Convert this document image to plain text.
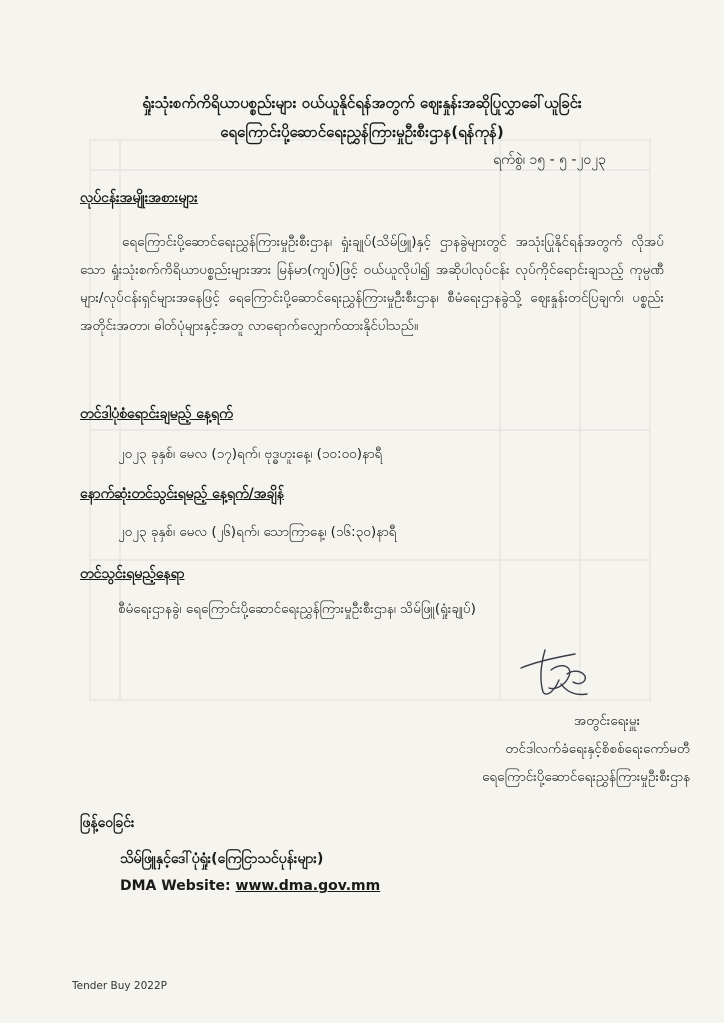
ရှုံးသုံးစက်ကိရိယာပစ္စည်းများ ဝယ်ယူနိုင်ရန်အတွက် ဈေးနှုန်းအဆိုပြုလွှာခေါ်ယူခြင်း
ရေကြောင်းပို့ဆောင်ရေးညွှန်ကြားမှုဦးစီးဌာန(ရန်ကုန်)
ရက်စွဲ၊ ၁၅ - ၅ -၂၀၂၃
လုပ်ငန်းအမျိုးအစားများ
ရေကြောင်းပို့ဆောင်ရေးညွှန်ကြားမှုဦးစီးဌာန၊ ရှုံးချုပ်(သိမ်ဖြူ)နှင့် ဌာနခွဲများတွင် အသုံးပြုနိုင်ရန်အတွက် လိုအပ်သော ရှုံးသုံးစက်ကိရိယာပစ္စည်းများအား မြန်မာ(ကျပ်)ဖြင့် ဝယ်ယူလိုပါ၍ အဆိုပါလုပ်ငန်း လုပ်ကိုင်ရောင်းချသည့် ကုမ္ပဏီများ/လုပ်ငန်းရှင်များအနေဖြင့် ရေကြောင်းပို့ဆောင်ရေးညွှန်ကြားမှုဦးစီးဌာန၊ စီမံရေးဌာနခွဲသို့ ဈေးနှုန်းတင်ပြချက်၊ ပစ္စည်းအတိုင်းအတာ၊ ဓါတ်ပုံများနှင့်အတူ လာရောက်လျှောက်ထားနိုင်ပါသည်။
တင်ဒါပုံစံရောင်းချမည့် နေ့ရက်
၂၀၂၃ ခုနှစ်၊ မေလ (၁၇)ရက်၊ ဗုဒ္ဓဟူးနေ့၊ (၁၀:၀၀)နာရီ
နောက်ဆုံးတင်သွင်းရမည့် နေ့ရက်/အချိန်
၂၀၂၃ ခုနှစ်၊ မေလ (၂၆)ရက်၊ သောကြာနေ့၊ (၁၆:၃၀)နာရီ
တင်သွင်းရမည့်နေရာ
စီမံရေးဌာနခွဲ၊ ရေကြောင်းပို့ဆောင်ရေးညွှန်ကြားမှုဦးစီးဌာန၊ သိမ်ဖြူ(ရှုံးချုပ်)
အတွင်းရေးမှူး
တင်ဒါလက်ခံရေးနှင့်စိစစ်ရေးကော်မတီ
ရေကြောင်းပို့ဆောင်ရေးညွှန်ကြားမှုဦးစီးဌာန
ဖြန့်ဝေခြင်း
သိမ်ဖြူနှင့်ဒေါ်ပုံရှုံး(ကြေငြာသင်ပုန်းများ)
DMA Website: www.dma.gov.mm
Tender Buy 2022P
